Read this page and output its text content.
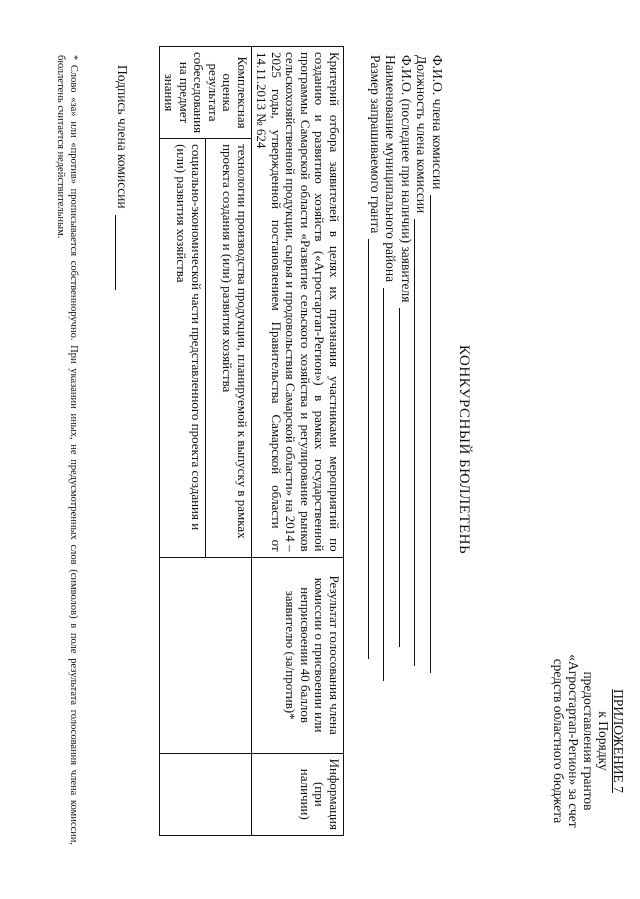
ПРИЛОЖЕНИЕ 7
к Порядку
предоставления грантов
«Агростартап-Регион» за счет
средств областного бюджета
КОНКУРСНЫЙ БЮЛЛЕТЕНЬ
Ф.И.О. члена комиссии
Должность члена комиссии
Ф.И.О. (последнее при наличии) заявителя
Наименование муниципального района
Размер запрашиваемого гранта
Критерий отбора заявителей в целях их признания участниками мероприятий по созданию и развитию хозяйств («Агростартап-Регион») в рамках государственной программы Самарской области «Развитие сельского хозяйства и регулирование рынков сельскохозяйственной продукции, сырья и продовольствия Самарской области» на 2014 – 2025 годы, утвержденной постановлением Правительства Самарской области от 14.11.2013 № 624		Результат голосования члена комиссии о присвоении или неприсвоении 40 баллов заявителю (за/против)*	Информация (при наличии)
Комплексная оценка результата собеседования на предмет знания	технологии производства продукции, планируемой к выпуску в рамках проекта создания и (или) развития хозяйства		
	социально-экономической части представленного проекта создания и (или) развития хозяйства		
Подпись члена комиссии
* Слово «за» или «против» прописывается собственноручно. При указании иных, не предусмотренных слов (символов) в поле результата голосования члена комиссии, бюллетень считается недействительным.
